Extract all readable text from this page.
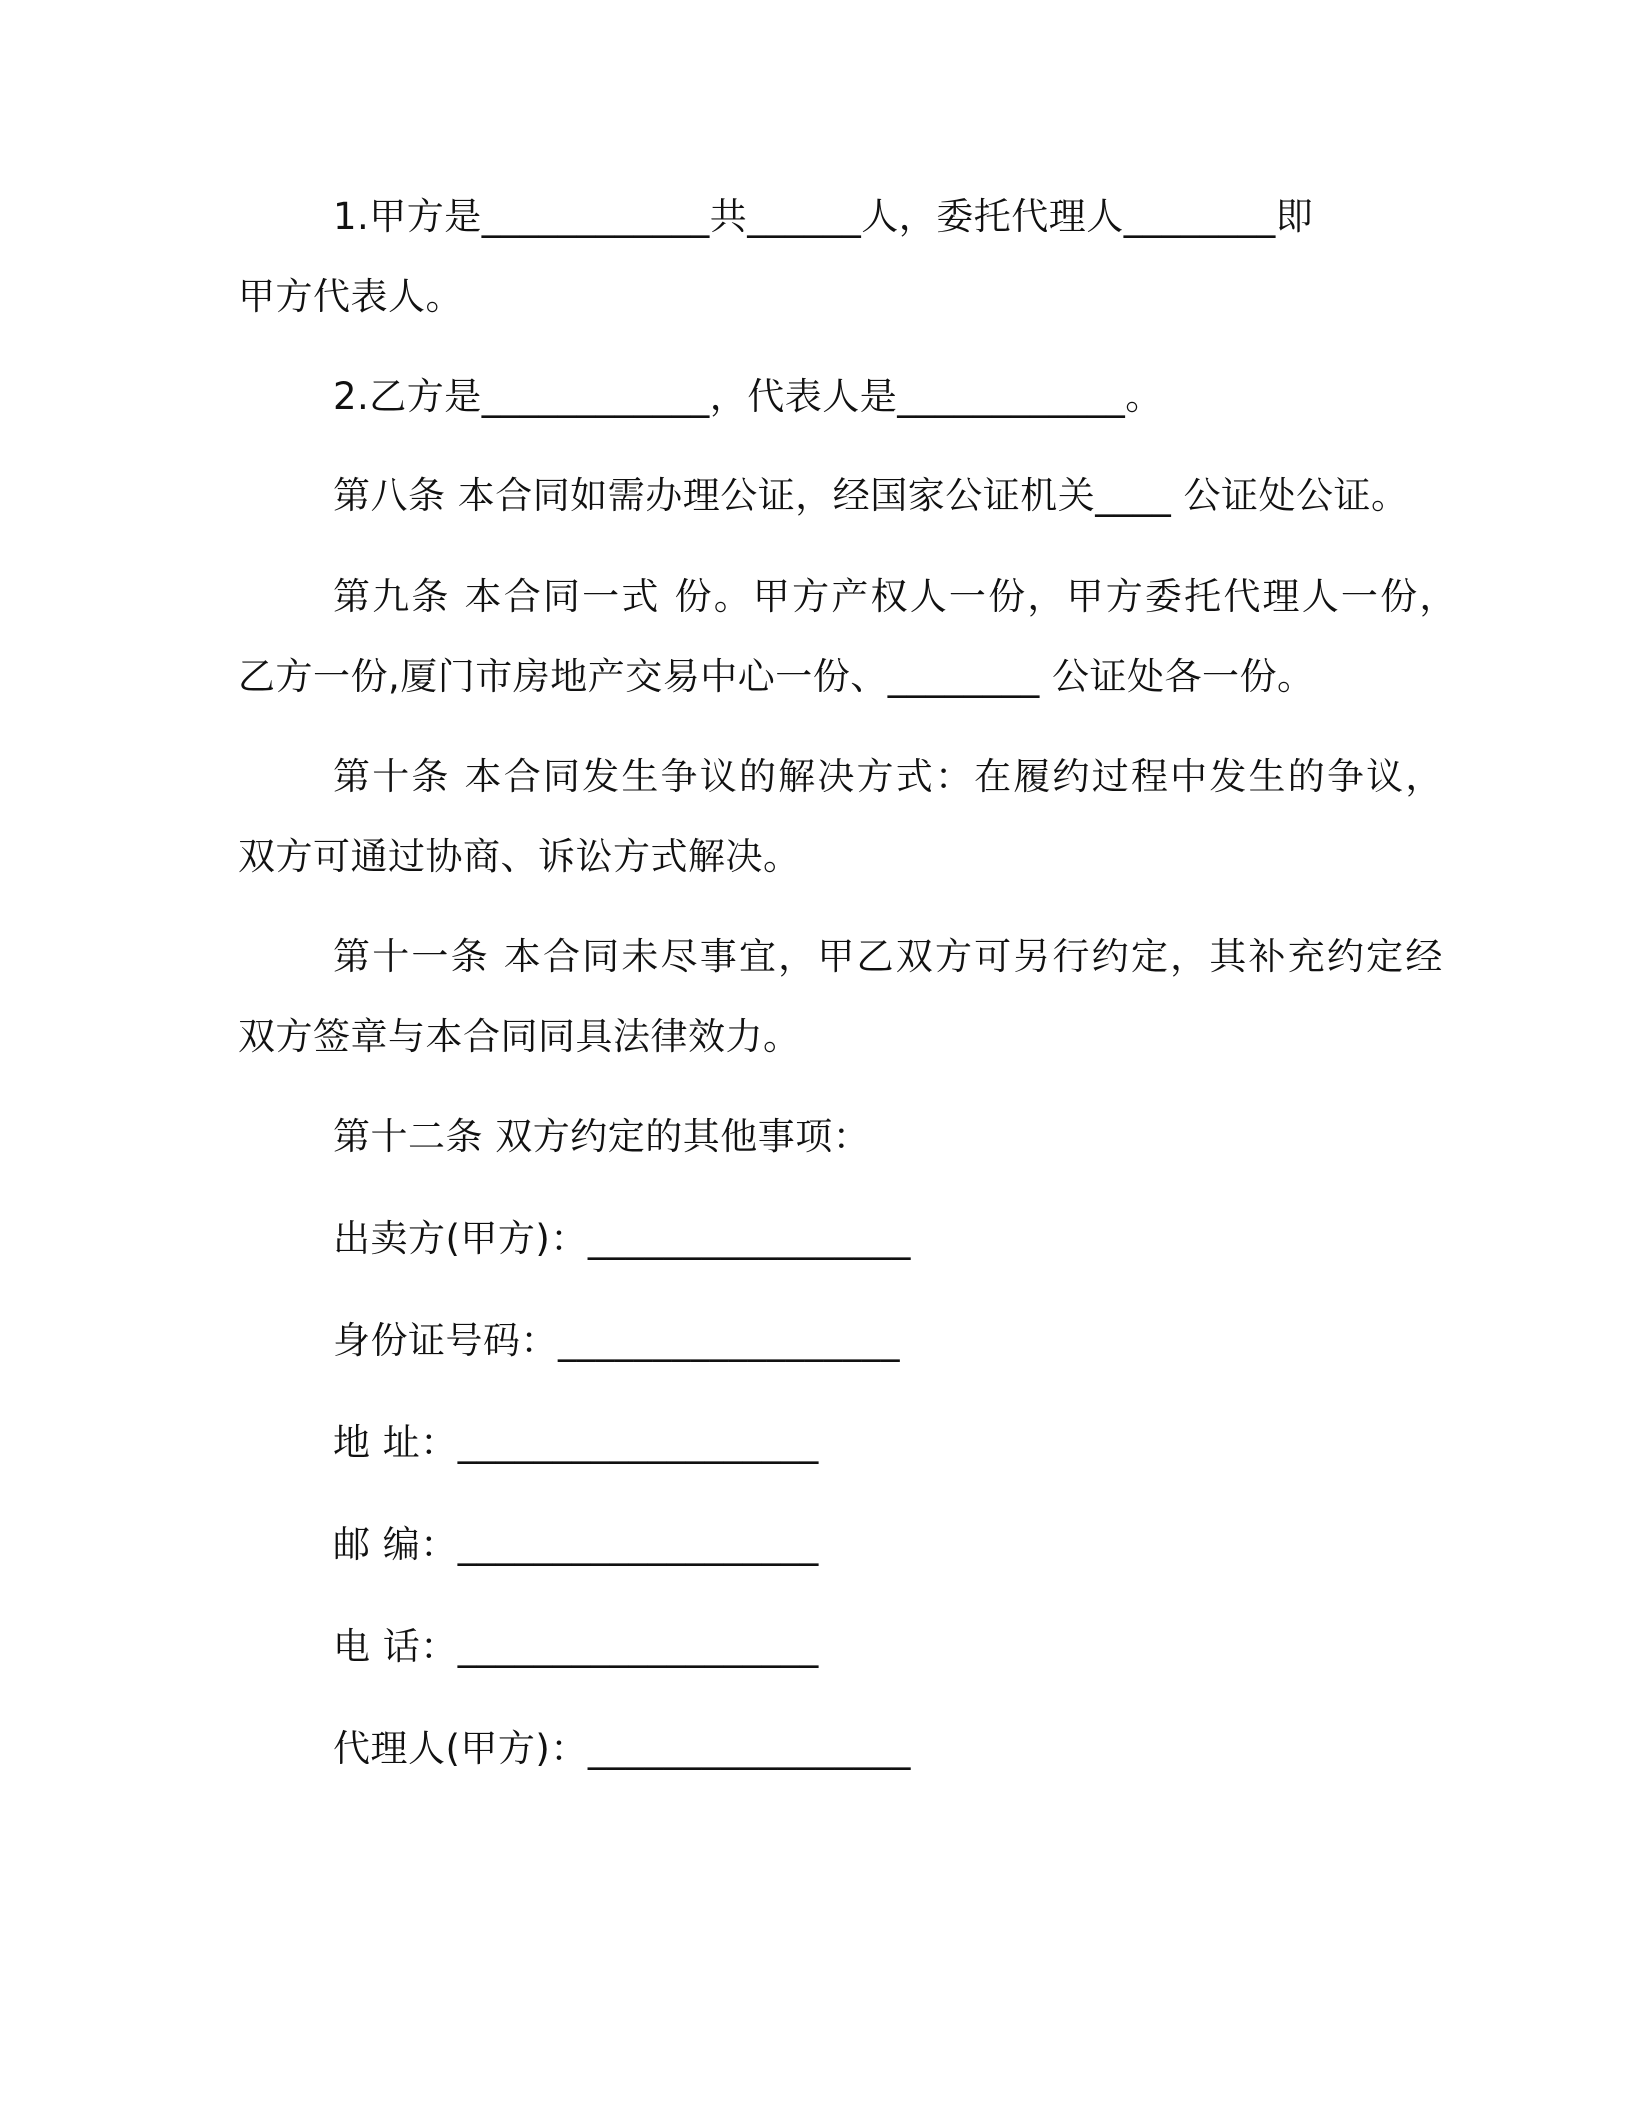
1.甲方是____________共______人，委托代理人________即
甲方代表人。
2.乙方是____________，代表人是____________。
第八条 本合同如需办理公证，经国家公证机关____ 公证处公证。
第九条 本合同一式 份。甲方产权人一份，甲方委托代理人一份，
乙方一份,厦门市房地产交易中心一份、________ 公证处各一份。
第十条 本合同发生争议的解决方式：在履约过程中发生的争议，
双方可通过协商、诉讼方式解决。
第十一条 本合同未尽事宜，甲乙双方可另行约定，其补充约定经
双方签章与本合同同具法律效力。
第十二条 双方约定的其他事项：
出卖方(甲方)：_________________
身份证号码：__________________
地 址：___________________
邮 编：___________________
电 话：___________________
代理人(甲方)：_________________
